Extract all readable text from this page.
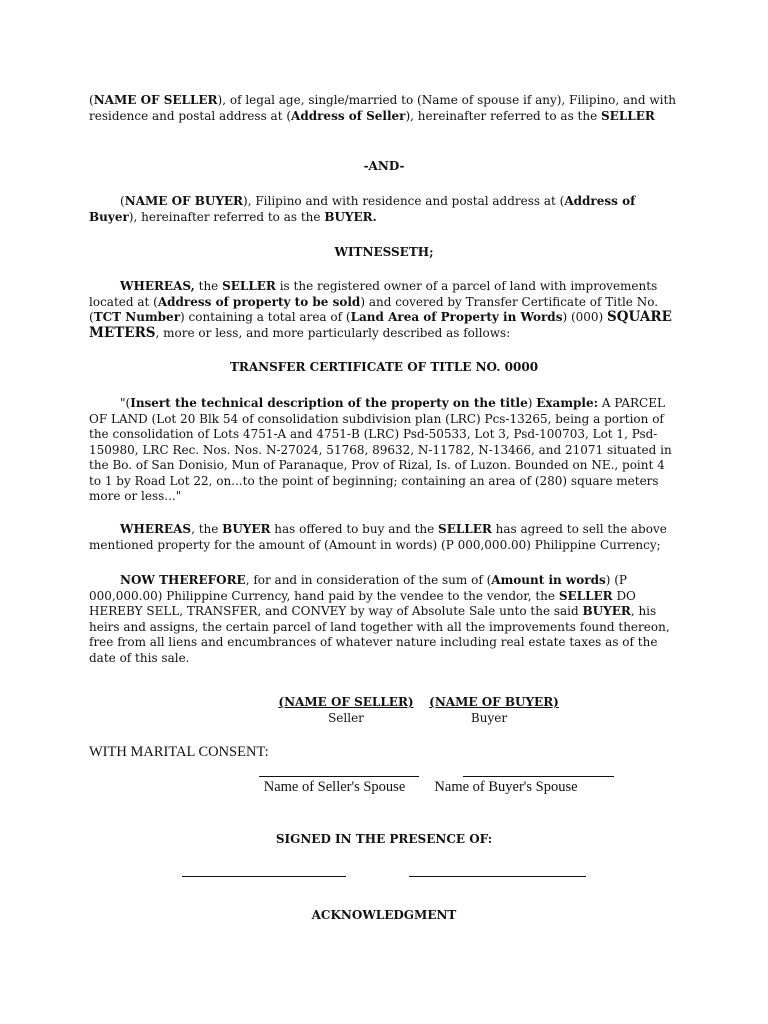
(NAME OF SELLER), of legal age, single/married to (Name of spouse if any), Filipino, and with residence and postal address at (Address of Seller), hereinafter referred to as the SELLER

-AND-

(NAME OF BUYER), Filipino and with residence and postal address at (Address of Buyer), hereinafter referred to as the BUYER.

WITNESSETH;

WHEREAS, the SELLER is the registered owner of a parcel of land with improvements located at (Address of property to be sold) and covered by Transfer Certificate of Title No. (TCT Number) containing a total area of (Land Area of Property in Words) (000) SQUARE METERS, more or less, and more particularly described as follows:

TRANSFER CERTIFICATE OF TITLE NO. 0000

"(Insert the technical description of the property on the title) Example: A PARCEL OF LAND (Lot 20 Blk 54 of consolidation subdivision plan (LRC) Pcs-13265, being a portion of the consolidation of Lots 4751-A and 4751-B (LRC) Psd-50533, Lot 3, Psd-100703, Lot 1, Psd-150980, LRC Rec. Nos. Nos. N-27024, 51768, 89632, N-11782, N-13466, and 21071 situated in the Bo. of San Donisio, Mun of Paranaque, Prov of Rizal, Is. of Luzon. Bounded on NE., point 4 to 1 by Road Lot 22, on...to the point of beginning; containing an area of (280) square meters more or less..."

WHEREAS, the BUYER has offered to buy and the SELLER has agreed to sell the above mentioned property for the amount of (Amount in words) (P 000,000.00) Philippine Currency;

NOW THEREFORE, for and in consideration of the sum of (Amount in words) (P 000,000.00) Philippine Currency, hand paid by the vendee to the vendor, the SELLER DO HEREBY SELL, TRANSFER, and CONVEY by way of Absolute Sale unto the said BUYER, his heirs and assigns, the certain parcel of land together with all the improvements found thereon, free from all liens and encumbrances of whatever nature including real estate taxes as of the date of this sale.

(NAME OF SELLER)
Seller
(NAME OF BUYER)
Buyer

WITH MARITAL CONSENT:

Name of Seller's Spouse	Name of Buyer's Spouse

SIGNED IN THE PRESENCE OF:

ACKNOWLEDGMENT
